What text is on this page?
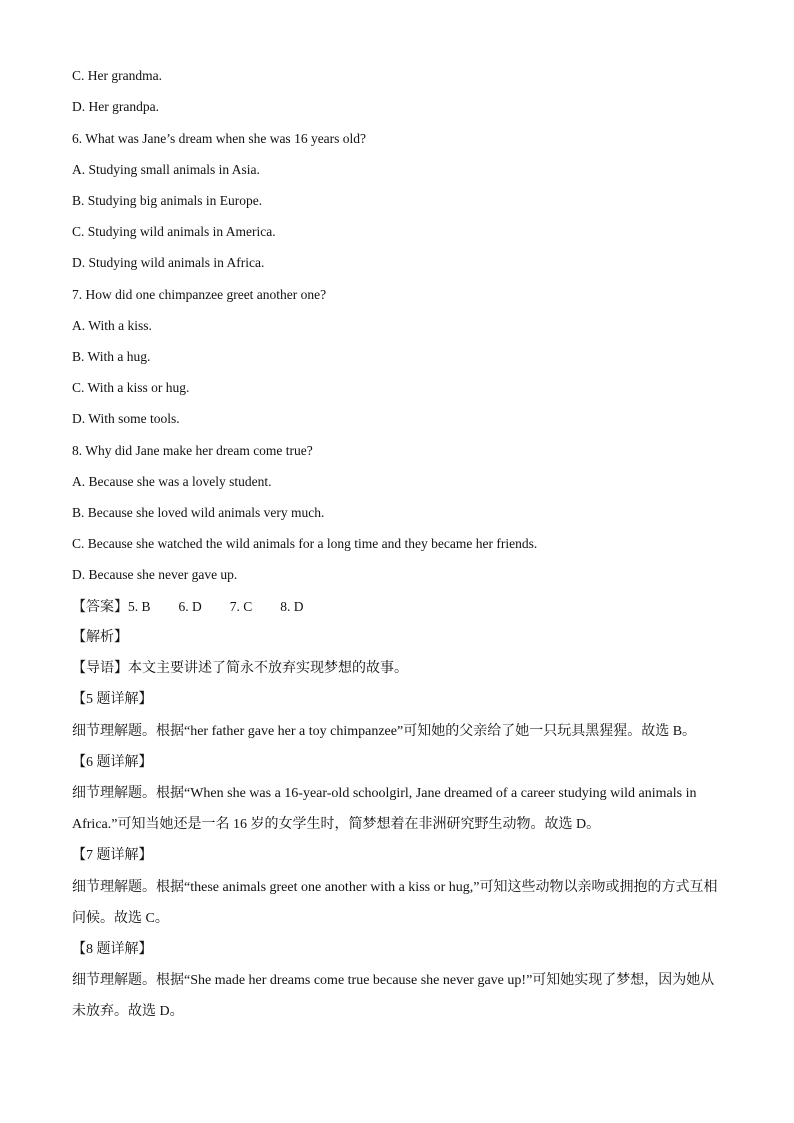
C. Her grandma.
D. Her grandpa.
6. What was Jane’s dream when she was 16 years old?
A. Studying small animals in Asia.
B. Studying big animals in Europe.
C. Studying wild animals in America.
D. Studying wild animals in Africa.
7. How did one chimpanzee greet another one?
A. With a kiss.
B. With a hug.
C. With a kiss or hug.
D. With some tools.
8. Why did Jane make her dream come true?
A. Because she was a lovely student.
B. Because she loved wild animals very much.
C. Because she watched the wild animals for a long time and they became her friends.
D. Because she never gave up.
【答案】5. B 6. D 7. C 8. D
【解析】
【导语】本文主要讲述了简永不放弃实现梦想的故事。
【5 题详解】
细节理解题。根据“her father gave her a toy chimpanzee”可知她的父亲给了她一只玩具黑猩猩。故选 B。
【6 题详解】
细节理解题。根据“When she was a 16-year-old schoolgirl, Jane dreamed of a career studying wild animals in
Africa.”可知当她还是一名 16 岁的女学生时，简梦想着在非洲研究野生动物。故选 D。
【7 题详解】
细节理解题。根据“these animals greet one another with a kiss or hug,”可知这些动物以亲吻或拥抱的方式互相
问候。故选 C。
【8 题详解】
细节理解题。根据“She made her dreams come true because she never gave up!”可知她实现了梦想，因为她从
未放弃。故选 D。
